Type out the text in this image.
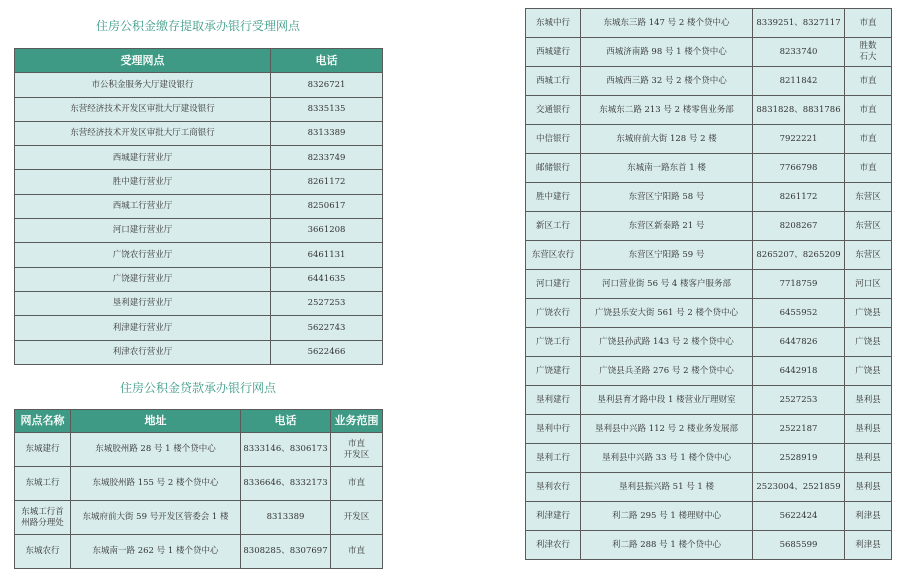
住房公积金缴存提取承办银行受理网点
受理网点	电话
市公积金服务大厅建设银行	8326721
东营经济技术开发区审批大厅建设银行	8335135
东营经济技术开发区审批大厅工商银行	8313389
西城建行营业厅	8233749
胜中建行营业厅	8261172
西城工行营业厅	8250617
河口建行营业厅	3661208
广饶农行营业厅	6461131
广饶建行营业厅	6441635
垦利建行营业厅	2527253
利津建行营业厅	5622743
利津农行营业厅	5622466
住房公积金贷款承办银行网点
网点名称	地址	电话	业务范围
东城建行	东城胶州路 28 号 1 楼个贷中心	8333146、8306173	市直
开发区
东城工行	东城胶州路 155 号 2 楼个贷中心	8336646、8332173	市直
东城工行首
州路分理处	东城府前大街 59 号开发区管委会 1 楼	8313389	开发区
东城农行	东城南一路 262 号 1 楼个贷中心	8308285、8307697	市直
东城中行	东城东三路 147 号 2 楼个贷中心	8339251、8327117	市直
西城建行	西城济南路 98 号 1 楼个贷中心	8233740	胜数
石大
西城工行	西城西三路 32 号 2 楼个贷中心	8211842	市直
交通银行	东城东二路 213 号 2 楼零售业务部	8831828、8831786	市直
中信银行	东城府前大街 128 号 2 楼	7922221	市直
邮储银行	东城南一路东首 1 楼	7766798	市直
胜中建行	东营区宁阳路 58 号	8261172	东营区
新区工行	东营区新泰路 21 号	8208267	东营区
东营区农行	东营区宁阳路 59 号	8265207、8265209	东营区
河口建行	河口营业街 56 号 4 楼客户服务部	7718759	河口区
广饶农行	广饶县乐安大街 561 号 2 楼个贷中心	6455952	广饶县
广饶工行	广饶县孙武路 143 号 2 楼个贷中心	6447826	广饶县
广饶建行	广饶县兵圣路 276 号 2 楼个贷中心	6442918	广饶县
垦利建行	垦利县育才路中段 1 楼营业厅理财室	2527253	垦利县
垦利中行	垦利县中兴路 112 号 2 楼业务发展部	2522187	垦利县
垦利工行	垦利县中兴路 33 号 1 楼个贷中心	2528919	垦利县
垦利农行	垦利县振兴路 51 号 1 楼	2523004、2521859	垦利县
利津建行	利二路 295 号 1 楼理财中心	5622424	利津县
利津农行	利二路 288 号 1 楼个贷中心	5685599	利津县
